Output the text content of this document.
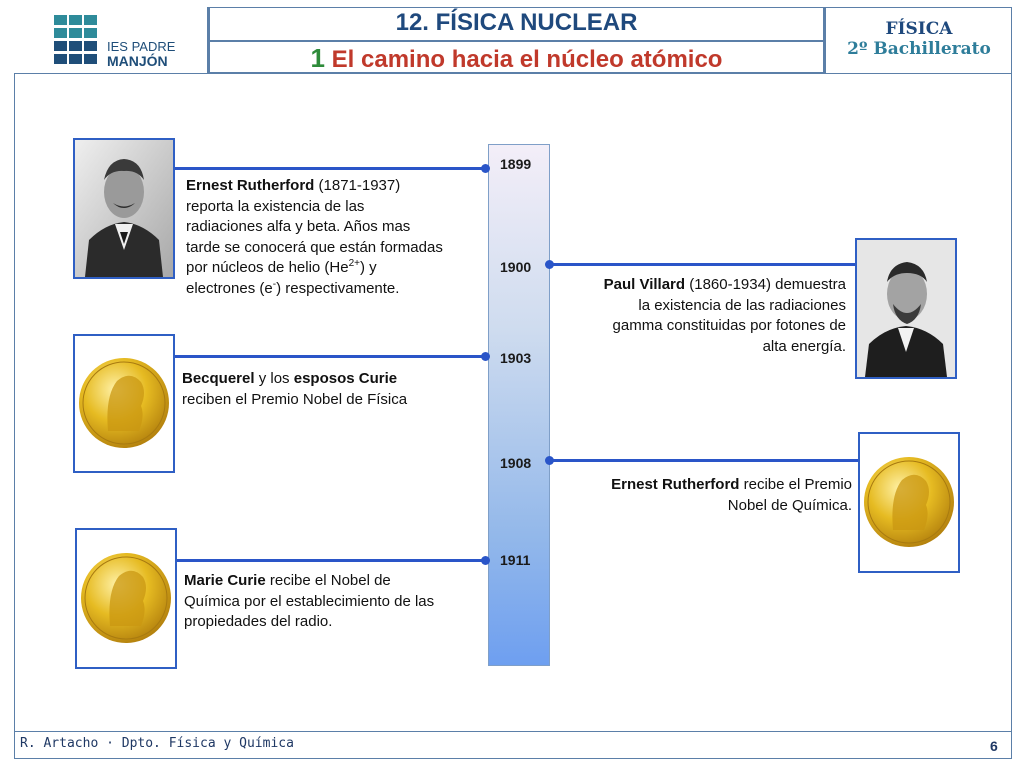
IES PADRE
MANJÓN
12. FÍSICA NUCLEAR
1 El camino hacia el núcleo atómico
FÍSICA
2º Bachillerato
1899
1900
1903
1908
1911
Ernest Rutherford (1871-1937)
reporta la existencia de las
radiaciones alfa y beta. Años mas
tarde se conocerá que están formadas
por núcleos de helio $(He^{2+})$ y
electrones (e-) respectivamente.	Paul Villard (1860-1934) demuestra
la existencia de las radiaciones
gamma constituidas por fotones de
alta energía.
Becquerel y los esposos Curie
reciben el Premio Nobel de Física
Ernest Rutherford recibe el Premio
Nobel de Química.
Marie Curie recibe el Nobel de
Química por el establecimiento de las
propiedades del radio.
R. Artacho · Dpto. Física y Química	6
